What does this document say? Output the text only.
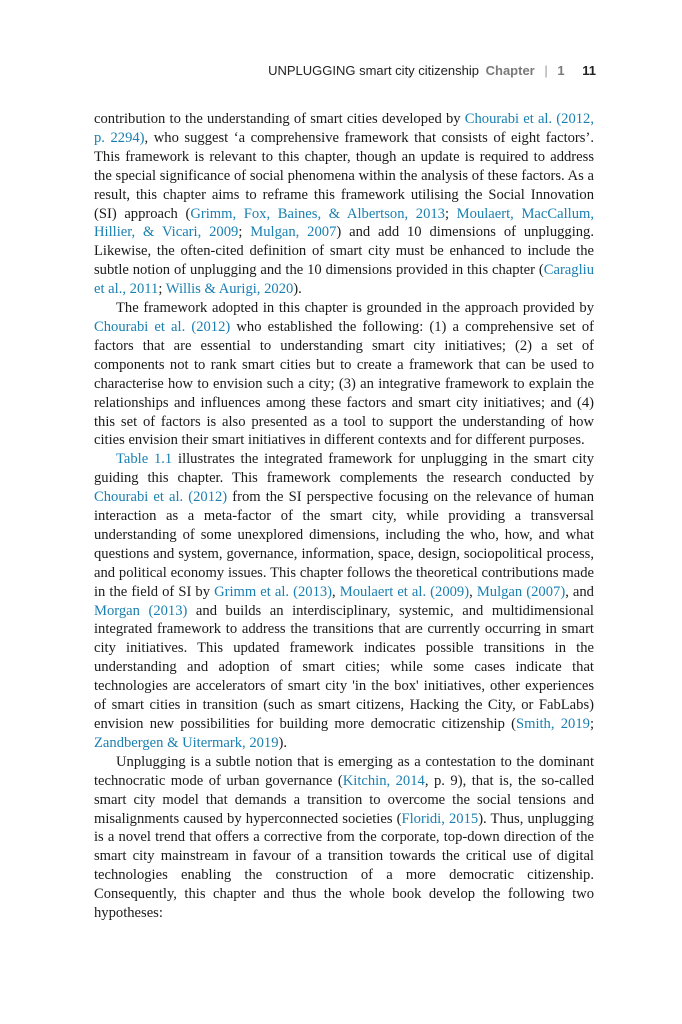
UNPLUGGING smart city citizenship Chapter | 1 11

contribution to the understanding of smart cities developed by Chourabi et al. (2012, p. 2294), who suggest ‘a comprehensive framework that consists of eight factors’. This framework is relevant to this chapter, though an update is required to address the special significance of social phenomena within the analysis of these factors. As a result, this chapter aims to reframe this framework utilising the Social Innovation (SI) approach (Grimm, Fox, Baines, & Albertson, 2013; Moulaert, MacCallum, Hillier, & Vicari, 2009; Mulgan, 2007) and add 10 dimensions of unplugging. Likewise, the often-cited definition of smart city must be enhanced to include the subtle notion of unplugging and the 10 dimensions provided in this chapter (Caragliu et al., 2011; Willis & Aurigi, 2020).

The framework adopted in this chapter is grounded in the approach provided by Chourabi et al. (2012) who established the following: (1) a comprehensive set of factors that are essential to understanding smart city initiatives; (2) a set of components not to rank smart cities but to create a framework that can be used to characterise how to envision such a city; (3) an integrative framework to explain the relationships and influences among these factors and smart city initiatives; and (4) this set of factors is also presented as a tool to support the understanding of how cities envision their smart initiatives in different contexts and for different purposes.

Table 1.1 illustrates the integrated framework for unplugging in the smart city guiding this chapter. This framework complements the research conducted by Chourabi et al. (2012) from the SI perspective focusing on the relevance of human interaction as a meta-factor of the smart city, while providing a transversal understanding of some unexplored dimensions, including the who, how, and what questions and system, governance, information, space, design, sociopolitical process, and political economy issues. This chapter follows the theoretical contributions made in the field of SI by Grimm et al. (2013), Moulaert et al. (2009), Mulgan (2007), and Morgan (2013) and builds an interdisciplinary, systemic, and multidimensional integrated framework to address the transitions that are currently occurring in smart city initiatives. This updated framework indicates possible transitions in the understanding and adoption of smart cities; while some cases indicate that technologies are accelerators of smart city 'in the box' initiatives, other experiences of smart cities in transition (such as smart citizens, Hacking the City, or FabLabs) envision new possibilities for building more democratic citizenship (Smith, 2019; Zandbergen & Uitermark, 2019).

Unplugging is a subtle notion that is emerging as a contestation to the dominant technocratic mode of urban governance (Kitchin, 2014, p. 9), that is, the so-called smart city model that demands a transition to overcome the social tensions and misalignments caused by hyperconnected societies (Floridi, 2015). Thus, unplugging is a novel trend that offers a corrective from the corporate, top-down direction of the smart city mainstream in favour of a transition towards the critical use of digital technologies enabling the construction of a more democratic citizenship. Consequently, this chapter and thus the whole book develop the following two hypotheses:
